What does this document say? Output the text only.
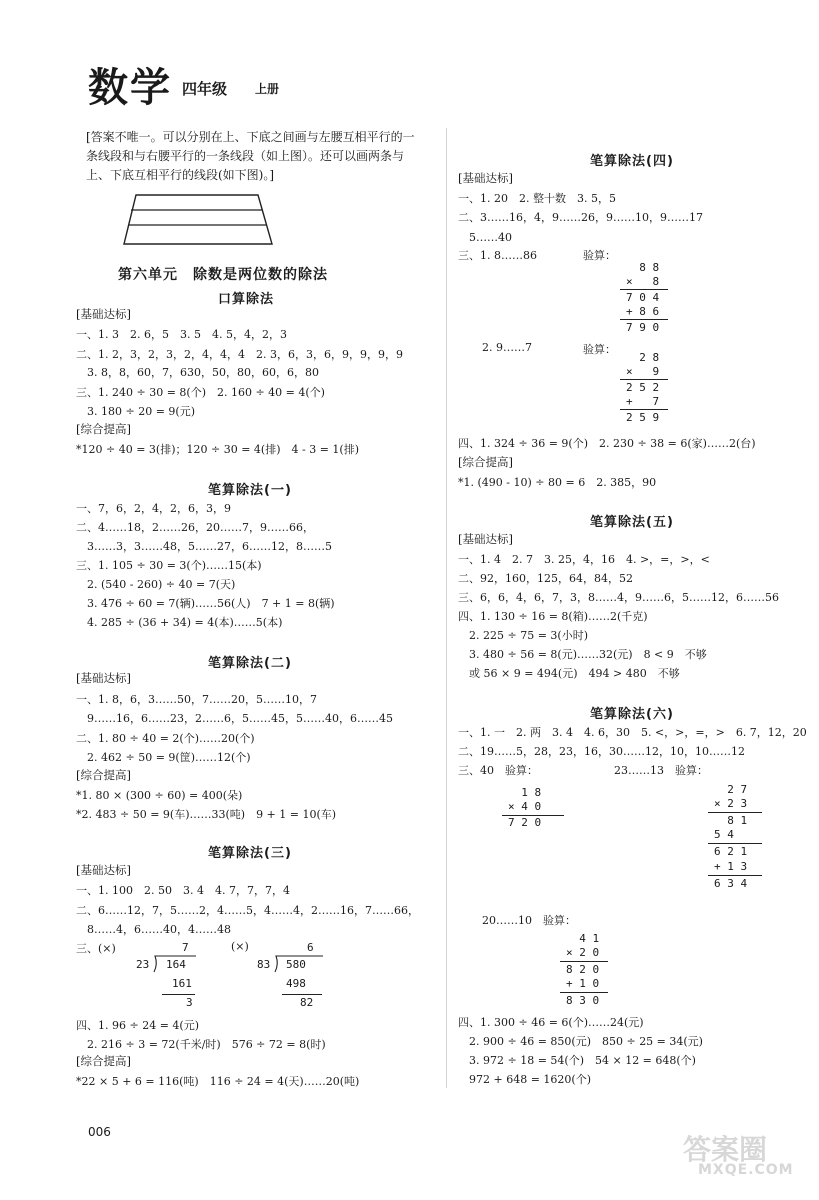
数学 四年级 上册
[答案不唯一。可以分别在上、下底之间画与左腰互相平行的一
条线段和与右腰平行的一条线段（如上图）。还可以画两条与
上、下底互相平行的线段(如下图)。]
第六单元　除数是两位数的除法
口算除法
[基础达标]
一、1. 3　2. 6，5　3. 5　4. 5，4，2，3
二、1. 2，3，2，3，2，4，4，4　2. 3，6，3，6，9，9，9，9
　3. 8，8，60，7，630，50，80，60，6，80
三、1. 240 ÷ 30 = 8(个)　2. 160 ÷ 40 = 4(个)
　3. 180 ÷ 20 = 9(元)
[综合提高]
*120 ÷ 40 = 3(排)；120 ÷ 30 = 4(排)　4 - 3 = 1(排)
笔算除法(一)
一、7，6，2，4，2，6，3，9
二、4……18，2……26，20……7，9……66，
　3……3，3……48，5……27，6……12，8……5
三、1. 105 ÷ 30 = 3(个)……15(本)
　2. (540 - 260) ÷ 40 = 7(天)
　3. 476 ÷ 60 = 7(辆)……56(人)　7 + 1 = 8(辆)
　4. 285 ÷ (36 + 34) = 4(本)……5(本)
笔算除法(二)
[基础达标]
一、1. 8，6，3……50，7……20，5……10，7
　9……16，6……23，2……6，5……45，5……40，6……45
二、1. 80 ÷ 40 = 2(个)……20(个)
　2. 462 ÷ 50 = 9(筐)……12(个)
[综合提高]
*1. 80 × (300 ÷ 60) = 400(朵)
*2. 483 ÷ 50 = 9(车)……33(吨)　9 + 1 = 10(车)
笔算除法(三)
[基础达标]
一、1. 100　2. 50　3. 4　4. 7，7，7，4
二、6……12，7，5……2，4……5，4……4，2……16，7……66，
　8……4，6……40，4……48
三、(×)	7
23 164
161
3
(×)	6
83 580
498
82
四、1. 96 ÷ 24 = 4(元)
　2. 216 ÷ 3 = 72(千米/时)　576 ÷ 72 = 8(时)
[综合提高]
*22 × 5 + 6 = 116(吨)　116 ÷ 24 = 4(天)……20(吨)
笔算除法(四)
[基础达标]
一、1. 20　2. 整十数　3. 5，5
二、3……16，4，9……26，9……10，9……17
　5……40
三、1. 8……86	验算：
8 8
×   8
7 0 4
+ 8 6
7 9 0
2. 9……7	验算：
2 8
×   9
2 5 2
+   7
2 5 9
四、1. 324 ÷ 36 = 9(个)　2. 230 ÷ 38 = 6(家)……2(台)
[综合提高]
*1. (490 - 10) ÷ 80 = 6　2. 385，90
笔算除法(五)
[基础达标]
一、1. 4　2. 7　3. 25，4，16　4. >，=，>，<
二、92，160，125，64，84，52
三、6，6，4，6，7，3，8……4，9……6，5……12，6……56
四、1. 130 ÷ 16 = 8(箱)……2(千克)
　2. 225 ÷ 75 = 3(小时)
　3. 480 ÷ 56 = 8(元)……32(元)　8 < 9　不够
　或 56 × 9 = 494(元)　494 > 480　不够
笔算除法(六)
一、1. 一　2. 两　3. 4　4. 6，30　5. <，>，=，>　6. 7，12，20
二、19……5，28，23，16，30……12，10，10……12
三、40　验算：	23……13　验算：
1 8
× 4 0
7 2 0
2 7
× 2 3
8 1
5 4
6 2 1
+ 1 3
6 3 4
20……10　验算：
4 1
× 2 0
8 2 0
+ 1 0
8 3 0
四、1. 300 ÷ 46 = 6(个)……24(元)
　2. 900 ÷ 46 = 850(元)　850 ÷ 25 = 34(元)
　3. 972 ÷ 18 = 54(个)　54 × 12 = 648(个)
　972 + 648 = 1620(个)
006
答案圈
MXQE.COM
